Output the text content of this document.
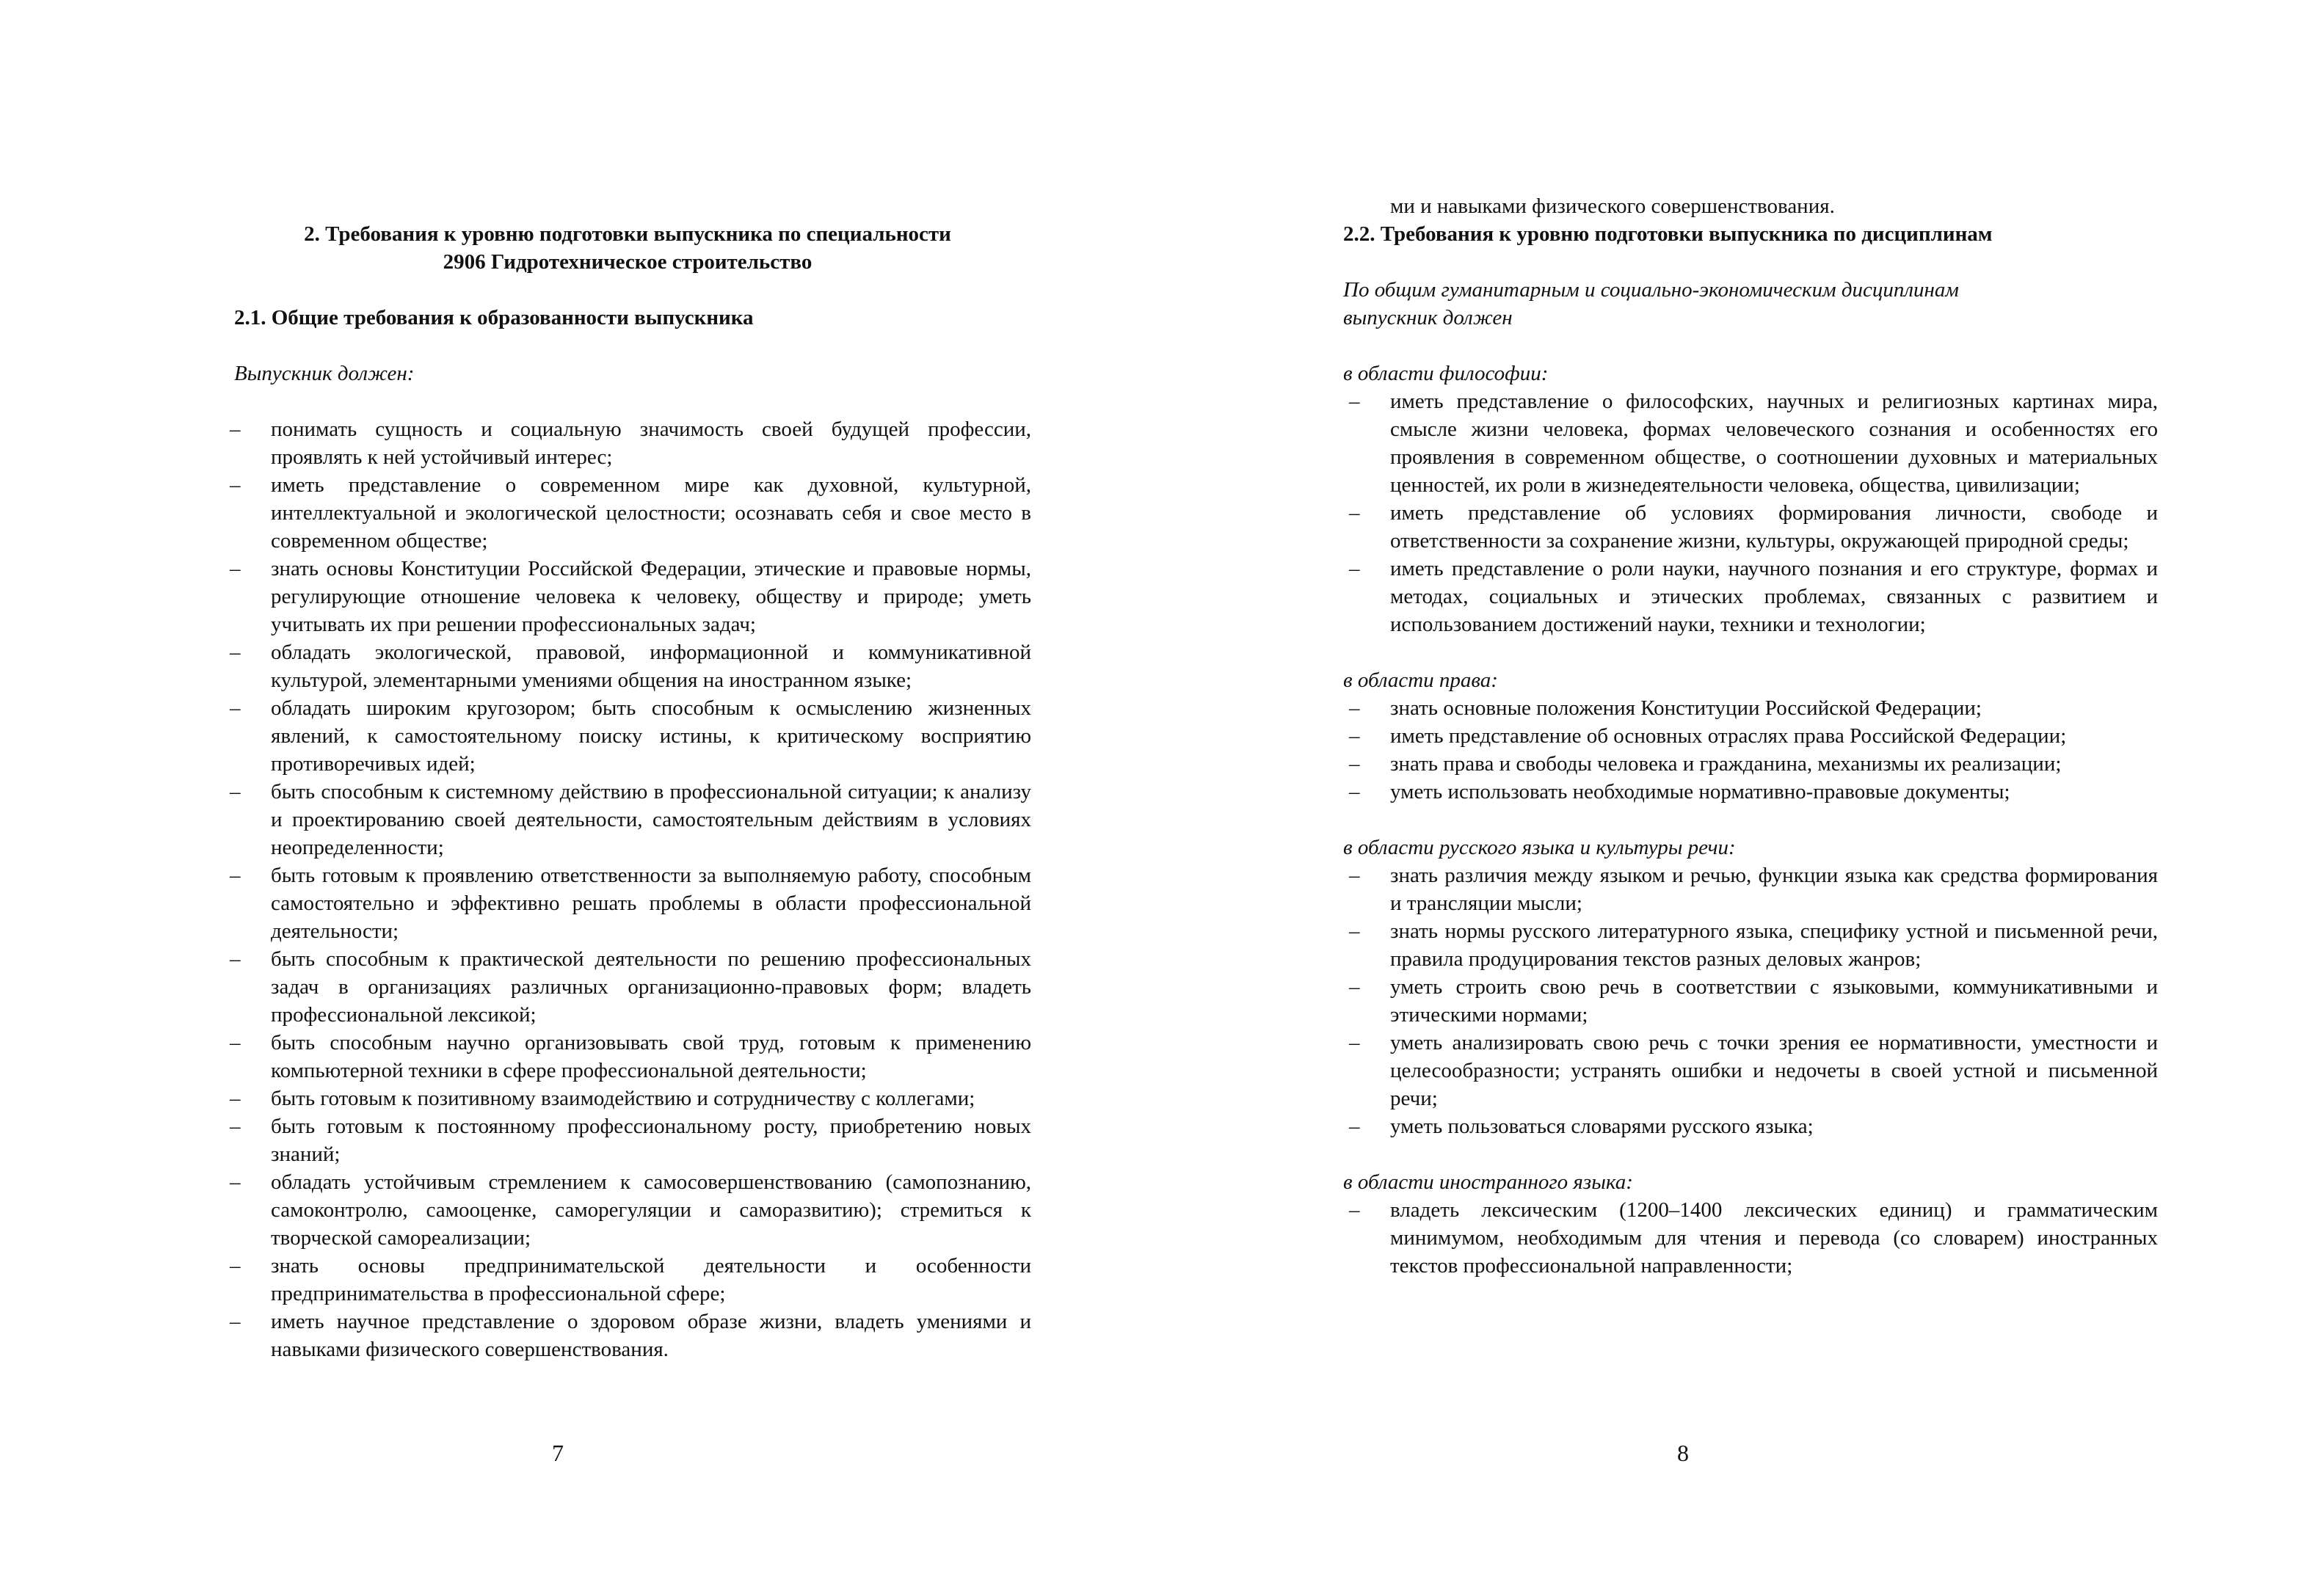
2. Требования к уровню подготовки выпускника по специальности

2906 Гидротехническое строительство

2.1. Общие требования к образованности выпускника

Выпускник должен:

– понимать сущность и социальную значимость своей будущей профессии, проявлять к ней устойчивый интерес;
– иметь представление о современном мире как духовной, культурной, интеллектуальной и экологической целостности; осознавать себя и свое место в современном обществе;
– знать основы Конституции Российской Федерации, этические и правовые нормы, регулирующие отношение человека к человеку, обществу и природе; уметь учитывать их при решении профессиональных задач;
– обладать экологической, правовой, информационной и коммуникативной культурой, элементарными умениями общения на иностранном языке;
– обладать широким кругозором; быть способным к осмыслению жизненных явлений, к самостоятельному поиску истины, к критическому восприятию противоречивых идей;
– быть способным к системному действию в профессиональной ситуации; к анализу и проектированию своей деятельности, самостоятельным действиям в условиях неопределенности;
– быть готовым к проявлению ответственности за выполняемую работу, способным самостоятельно и эффективно решать проблемы в области профессиональной деятельности;
– быть способным к практической деятельности по решению профессиональных задач в организациях различных организационно-правовых форм; владеть профессиональной лексикой;
– быть способным научно организовывать свой труд, готовым к применению компьютерной техники в сфере профессиональной деятельности;
– быть готовым к позитивному взаимодействию и сотрудничеству с коллегами;
– быть готовым к постоянному профессиональному росту, приобретению новых знаний;
– обладать устойчивым стремлением к самосовершенствованию (самопознанию, самоконтролю, самооценке, саморегуляции и саморазвитию); стремиться к творческой самореализации;
– знать основы предпринимательской деятельности и особенности предпринимательства в профессиональной сфере;
– иметь научное представление о здоровом образе жизни, владеть умениями и навыками физического совершенствования.
7

ми и навыками физического совершенствования.

2.2. Требования к уровню подготовки выпускника по дисциплинам

По общим гуманитарным и социально-экономическим дисциплинам выпускник должен

в области философии:

– иметь представление о философских, научных и религиозных картинах мира, смысле жизни человека, формах человеческого сознания и особенностях его проявления в современном обществе, о соотношении духовных и материальных ценностей, их роли в жизнедеятельности человека, общества, цивилизации;
– иметь представление об условиях формирования личности, свободе и ответственности за сохранение жизни, культуры, окружающей природной среды;
– иметь представление о роли науки, научного познания и его структуре, формах и методах, социальных и этических проблемах, связанных с развитием и использованием достижений науки, техники и технологии;

в области права:

– знать основные положения Конституции Российской Федерации;
– иметь представление об основных отраслях права Российской Федерации;
– знать права и свободы человека и гражданина, механизмы их реализации;
– уметь использовать необходимые нормативно-правовые документы;

в области русского языка и культуры речи:

– знать различия между языком и речью, функции языка как средства формирования и трансляции мысли;
– знать нормы русского литературного языка, специфику устной и письменной речи, правила продуцирования текстов разных деловых жанров;
– уметь строить свою речь в соответствии с языковыми, коммуникативными и этическими нормами;
– уметь анализировать свою речь с точки зрения ее нормативности, уместности и целесообразности; устранять ошибки и недочеты в своей устной и письменной речи;
– уметь пользоваться словарями русского языка;

в области иностранного языка:

– владеть лексическим (1200–1400 лексических единиц) и грамматическим минимумом, необходимым для чтения и перевода (со словарем) иностранных текстов профессиональной направленности;
8
